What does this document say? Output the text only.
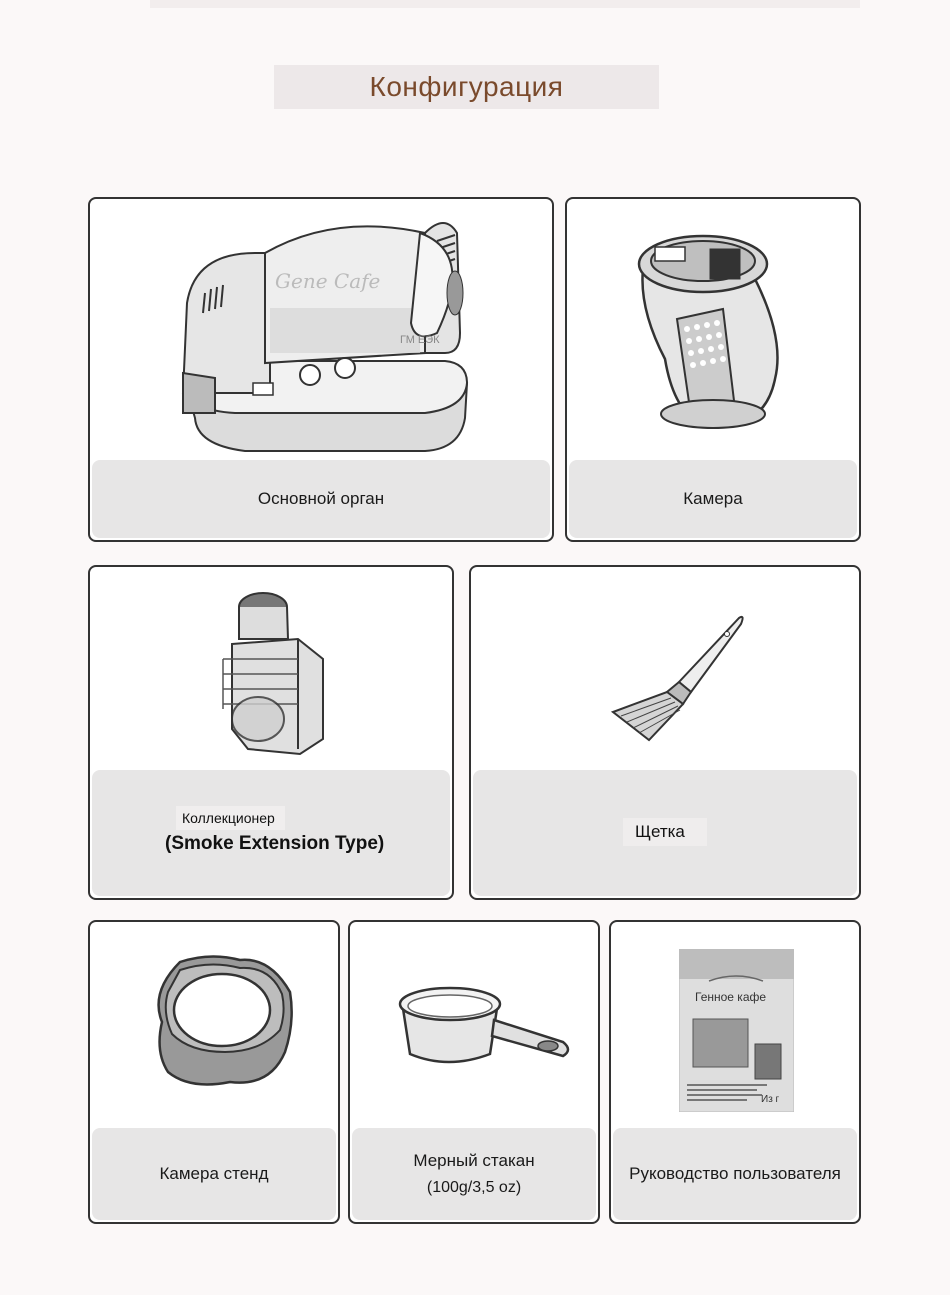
Конфигурация
Gene Cafe
ГМ ЕЭК
Основной орган	Камера
Коллекционер
(Smoke Extension Type)
Щетка
Камера стенд
Мерный стакан
(100g/3,5 oz)
Генное кафе
Из г
Руководство пользователя
